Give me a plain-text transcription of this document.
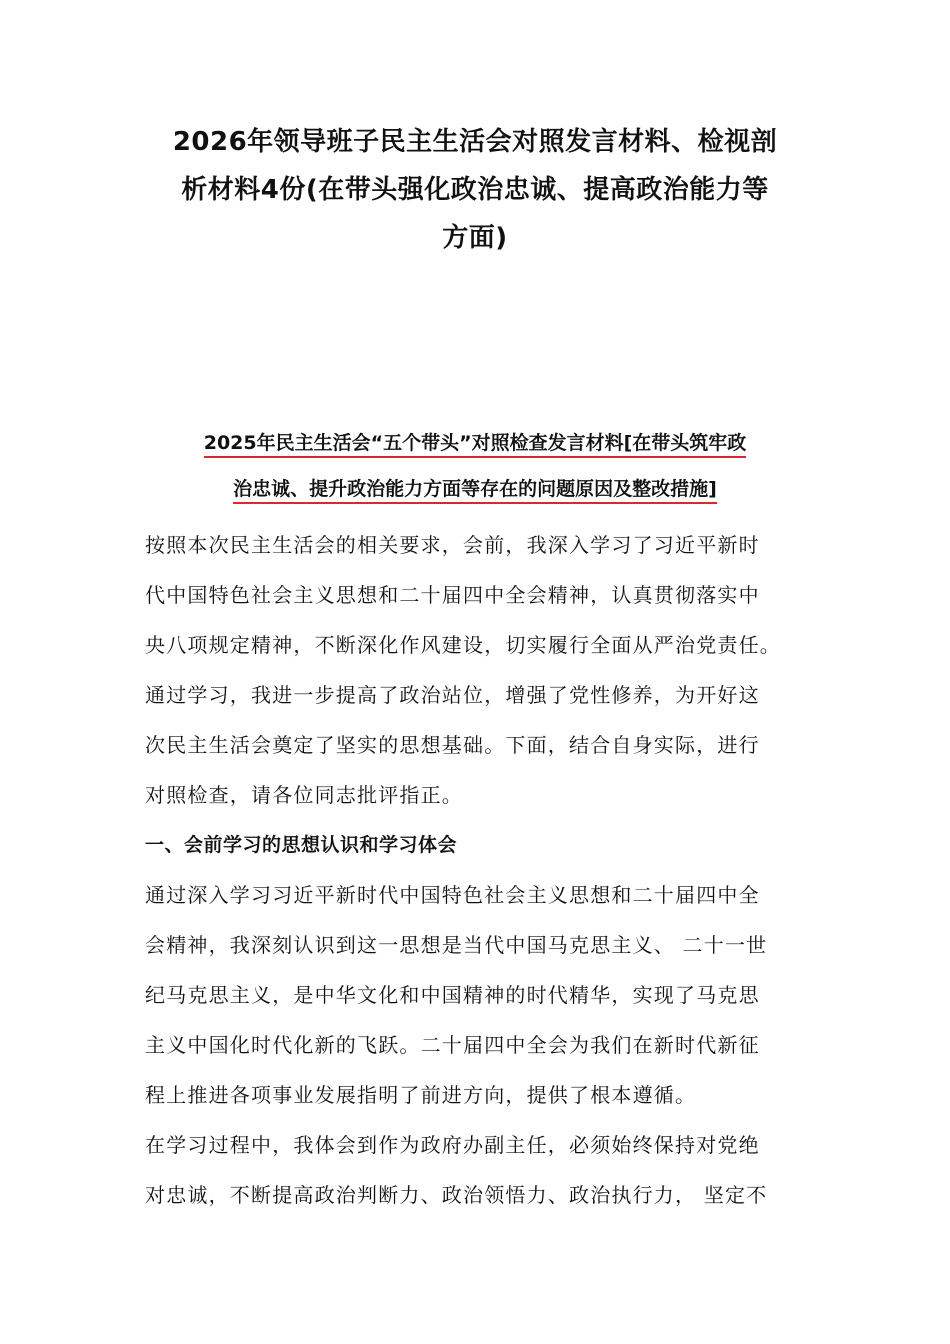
2026年领导班子民主生活会对照发言材料、检视剖
析材料4份(在带头强化政治忠诚、提高政治能力等
方面)
2025年民主生活会“五个带头”对照检查发言材料[在带头筑牢政
治忠诚、提升政治能力方面等存在的问题原因及整改措施]
按照本次民主生活会的相关要求，会前，我深入学习了习近平新时
代中国特色社会主义思想和二十届四中全会精神，认真贯彻落实中
央八项规定精神，不断深化作风建设，切实履行全面从严治党责任。
通过学习，我进一步提高了政治站位，增强了党性修养，为开好这
次民主生活会奠定了坚实的思想基础。下面，结合自身实际，进行
对照检查，请各位同志批评指正。
一、会前学习的思想认识和学习体会
通过深入学习习近平新时代中国特色社会主义思想和二十届四中全
会精神，我深刻认识到这一思想是当代中国马克思主义、 二十一世
纪马克思主义，是中华文化和中国精神的时代精华，实现了马克思
主义中国化时代化新的飞跃。二十届四中全会为我们在新时代新征
程上推进各项事业发展指明了前进方向，提供了根本遵循。
在学习过程中，我体会到作为政府办副主任，必须始终保持对党绝
对忠诚，不断提高政治判断力、政治领悟力、政治执行力， 坚定不
